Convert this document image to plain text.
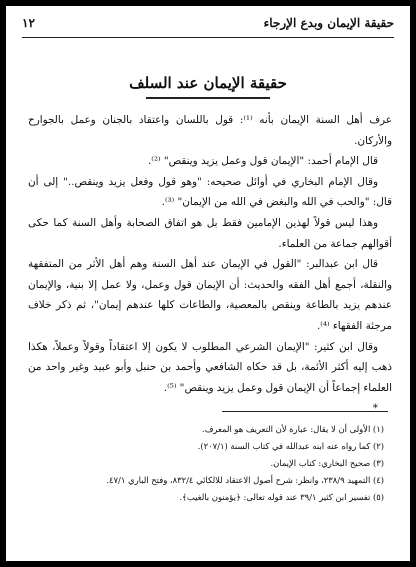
حقيقة الإيمان وبدع الإرجاء
١٢
حقيقة الإيمان عند السلف

عرف أهل السنة الإيمان بأنه ⁽¹⁾: قول باللسان واعتقاد بالجنان وعمل بالجوارح والأركان.

قال الإمام أحمد: "الإيمان قول وعمل يزيد وينقص" ⁽²⁾.

وقال الإمام البخاري في أوائل صحيحه: "وهو قول وفعل يزيد وينقص.." إلى أن قال: "والحب في الله والبغض في الله من الإيمان" ⁽³⁾.

وهذا ليس قولاً لهذين الإمامين فقط بل هو اتفاق الصحابة وأهل السنة كما حكى أقوالهم جماعة من العلماء.

قال ابن عبدالبر: "القول في الإيمان عند أهل السنة وهم أهل الأثر من المتفقهة والنقلة، أجمع أهل الفقه والحديث: أن الإيمان قول وعمل، ولا عمل إلا بنية، والإيمان عندهم يزيد بالطاعة وينقص بالمعصية، والطاعات كلها عندهم إيمان"، ثم ذكر خلاف مرجئة الفقهاء ⁽⁴⁾.

وقال ابن كثير: "الإيمان الشرعي المطلوب لا يكون إلا اعتقاداً وقولاً وعملاً، هكذا ذهب إليه أكثر الأئمة، بل قد حكاه الشافعي وأحمد بن حنبل وأبو عبيد وغير واحد من العلماء إجماعاً أن الإيمان قول وعمل يزيد وينقص" ⁽⁵⁾.

*

(١) الأولى أن لا يقال: عبارة لأن التعريف هو المعرف.
(٢) كما رواه عنه ابنه عبدالله في كتاب السنة (٢٠٧/١).
(٣) صحيح البخاري: كتاب الإيمان.
(٤) التمهيد ٢٣٨/٩، وانظر: شرح أصول الاعتقاد للالكائي ٨٣٢/٤، وفتح الباري ٤٧/١.
(٥) تفسير ابن كثير ٣٩/١ عند قوله تعالى: ﴿يؤمنون بالغيب﴾.
